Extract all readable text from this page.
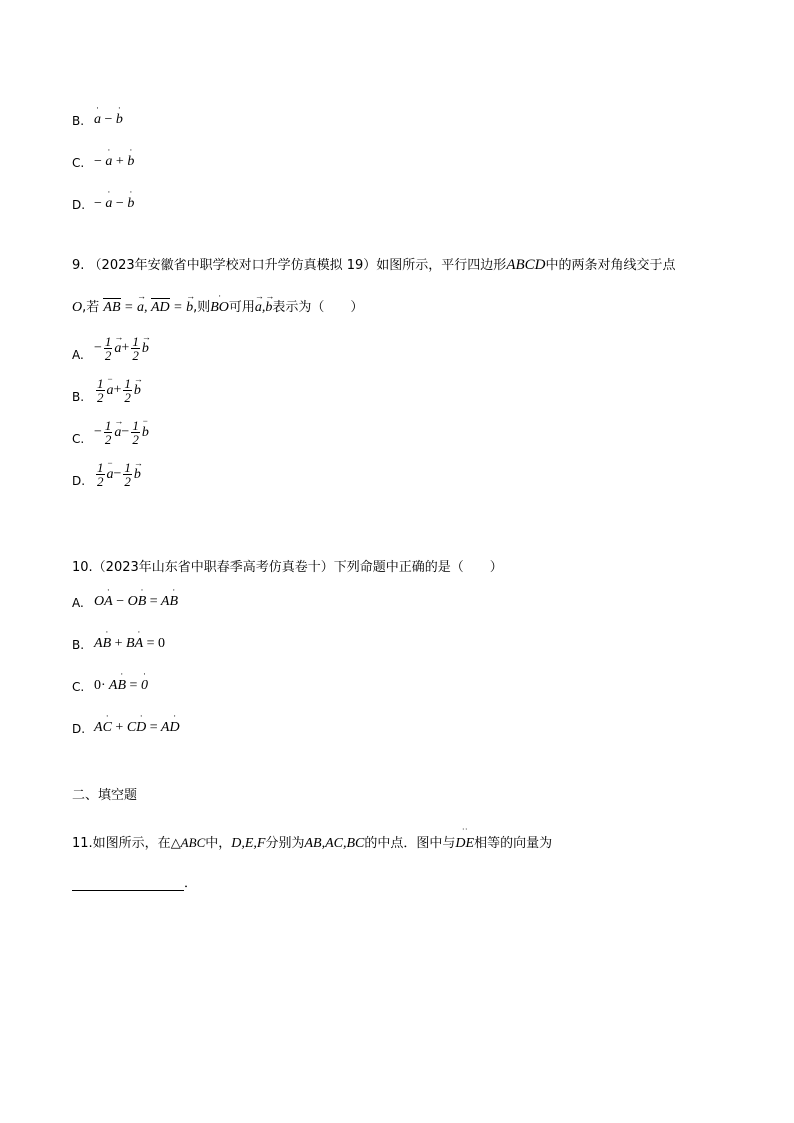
B.
·
a −
·
b
C. −
·
a +
·
b
D. −
·
a −
·
b
9. （2023年安徽省中职学校对口升学仿真模拟 19）如图所示，平行四边形ABCD中的两条对角线交于点
O,若 AB =
→
a, AD =
→
b,则
·
BO可用
→
a,
→
b表示为（　　）
A. − $\frac{1}{2}$ →
$a+ \frac{1}{2}$ →
b
B. $\frac{1}{2}$ −
$a+ \frac{1}{2}$ →
b
C. − $\frac{1}{2}$ →
$a- \frac{1}{2}$ −
b
D. $\frac{1}{2}$ −
$a- \frac{1}{2}$ →
b
10.（2023年山东省中职春季高考仿真卷十）下列命题中正确的是（　　）
A. O
·
A − O
·
B = A
·
B
B. A
·
B + B
·
A = 0
C. 0· A
·
B =
·
0
D. A
·
C + C
·
D = A
·
D
二、填空题
11.如图所示，在△ABC中，D,E,F分别为AB,AC,BC的中点．图中与
˙˙
DE相等的向量为
．
